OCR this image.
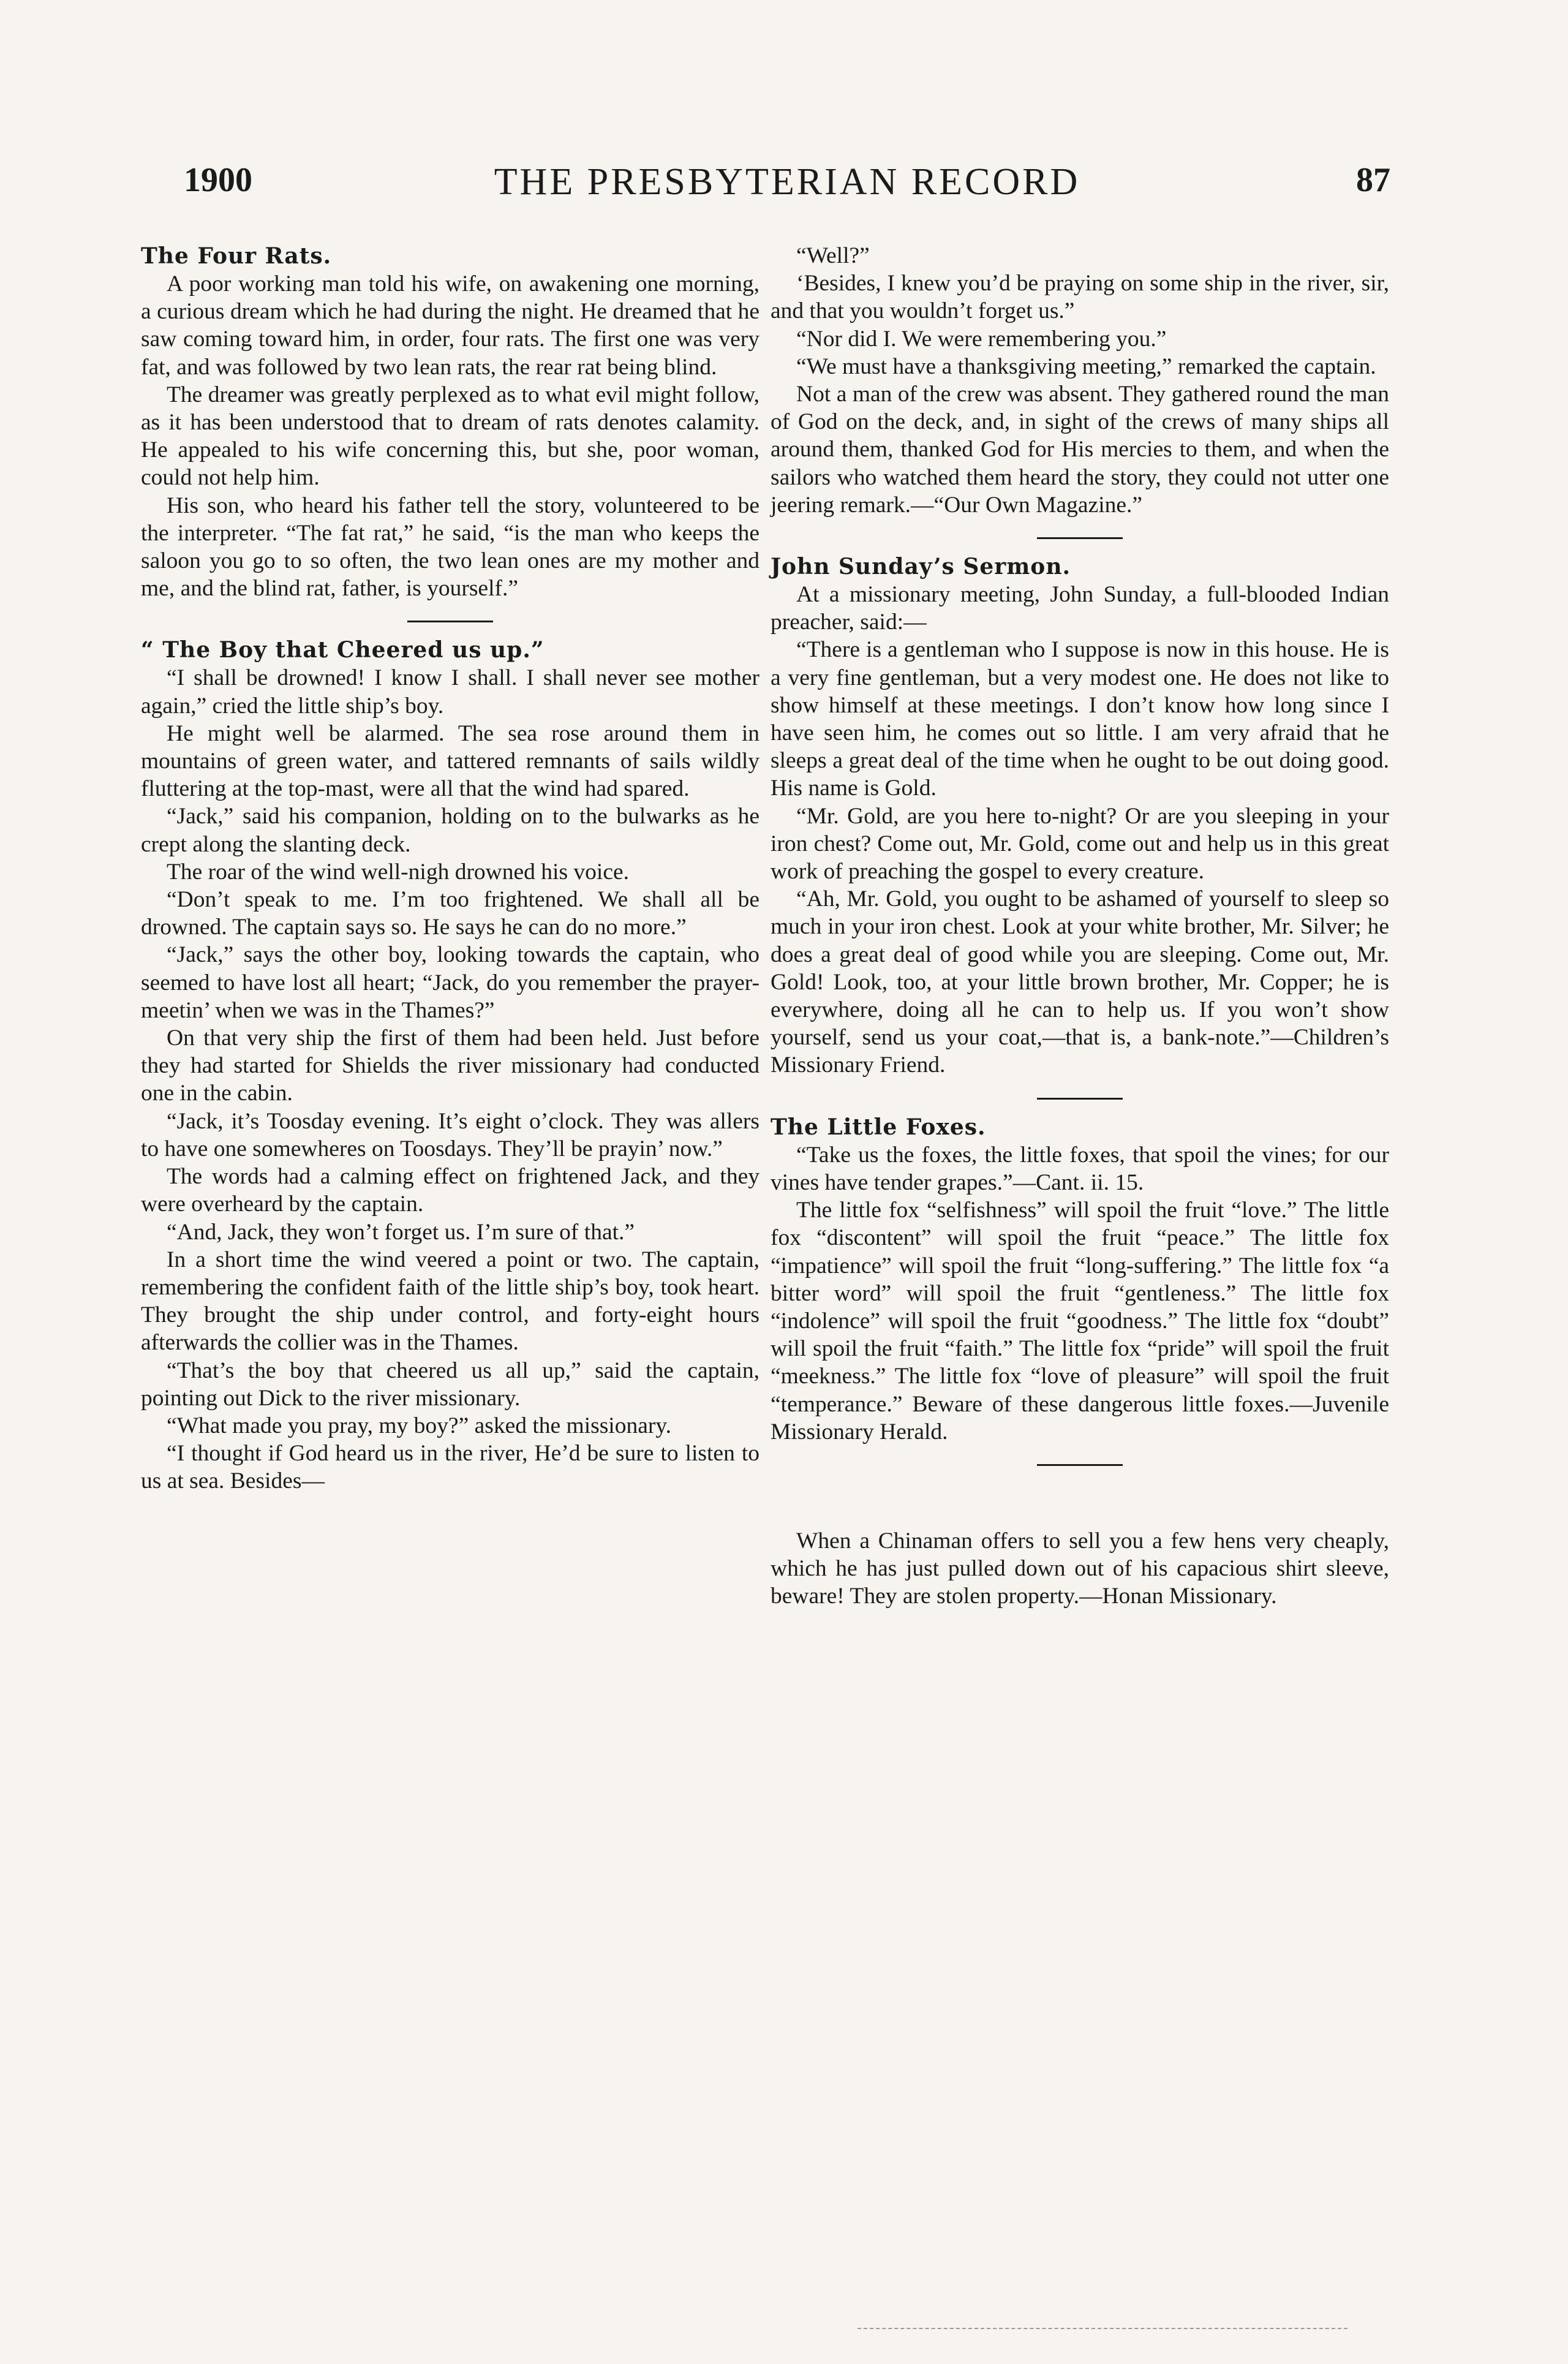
1900	THE PRESBYTERIAN RECORD	87
The Four Rats.

A poor working man told his wife, on awakening one morning, a curious dream which he had during the night. He dreamed that he saw coming toward him, in order, four rats. The first one was very fat, and was followed by two lean rats, the rear rat being blind.

The dreamer was greatly perplexed as to what evil might follow, as it has been understood that to dream of rats denotes calamity. He appealed to his wife concerning this, but she, poor woman, could not help him.

His son, who heard his father tell the story, volunteered to be the interpreter. “The fat rat,” he said, “is the man who keeps the saloon you go to so often, the two lean ones are my mother and me, and the blind rat, father, is yourself.”

“ The Boy that Cheered us up.”

“I shall be drowned! I know I shall. I shall never see mother again,” cried the little ship’s boy.

He might well be alarmed. The sea rose around them in mountains of green water, and tattered remnants of sails wildly fluttering at the top-mast, were all that the wind had spared.

“Jack,” said his companion, holding on to the bulwarks as he crept along the slanting deck.

The roar of the wind well-nigh drowned his voice.

“Don’t speak to me. I’m too frightened. We shall all be drowned. The captain says so. He says he can do no more.”

“Jack,” says the other boy, looking towards the captain, who seemed to have lost all heart; “Jack, do you remember the prayer-meetin’ when we was in the Thames?”

On that very ship the first of them had been held. Just before they had started for Shields the river missionary had conducted one in the cabin.

“Jack, it’s Toosday evening. It’s eight o’clock. They was allers to have one somewheres on Toosdays. They’ll be prayin’ now.”

The words had a calming effect on frightened Jack, and they were overheard by the captain.

“And, Jack, they won’t forget us. I’m sure of that.”

In a short time the wind veered a point or two. The captain, remembering the confident faith of the little ship’s boy, took heart. They brought the ship under control, and forty-eight hours afterwards the collier was in the Thames.

“That’s the boy that cheered us all up,” said the captain, pointing out Dick to the river missionary.

“What made you pray, my boy?” asked the missionary.

“I thought if God heard us in the river, He’d be sure to listen to us at sea. Besides—

“Well?”

‘Besides, I knew you’d be praying on some ship in the river, sir, and that you wouldn’t forget us.”

“Nor did I. We were remembering you.”

“We must have a thanksgiving meeting,” remarked the captain.

Not a man of the crew was absent. They gathered round the man of God on the deck, and, in sight of the crews of many ships all around them, thanked God for His mercies to them, and when the sailors who watched them heard the story, they could not utter one jeering remark.—“Our Own Magazine.”

John Sunday’s Sermon.

At a missionary meeting, John Sunday, a full-blooded Indian preacher, said:—

“There is a gentleman who I suppose is now in this house. He is a very fine gentleman, but a very modest one. He does not like to show himself at these meetings. I don’t know how long since I have seen him, he comes out so little. I am very afraid that he sleeps a great deal of the time when he ought to be out doing good. His name is Gold.

“Mr. Gold, are you here to-night? Or are you sleeping in your iron chest? Come out, Mr. Gold, come out and help us in this great work of preaching the gospel to every creature.

“Ah, Mr. Gold, you ought to be ashamed of yourself to sleep so much in your iron chest. Look at your white brother, Mr. Silver; he does a great deal of good while you are sleeping. Come out, Mr. Gold! Look, too, at your little brown brother, Mr. Copper; he is everywhere, doing all he can to help us. If you won’t show yourself, send us your coat,—that is, a bank-note.”—Children’s Missionary Friend.

The Little Foxes.

“Take us the foxes, the little foxes, that spoil the vines; for our vines have tender grapes.”—Cant. ii. 15.

The little fox “selfishness” will spoil the fruit “love.” The little fox “discontent” will spoil the fruit “peace.” The little fox “impatience” will spoil the fruit “long-suffering.” The little fox “a bitter word” will spoil the fruit “gentleness.” The little fox “indolence” will spoil the fruit “goodness.” The little fox “doubt” will spoil the fruit “faith.” The little fox “pride” will spoil the fruit “meekness.” The little fox “love of pleasure” will spoil the fruit “temperance.” Beware of these dangerous little foxes.—Juvenile Missionary Herald.

When a Chinaman offers to sell you a few hens very cheaply, which he has just pulled down out of his capacious shirt sleeve, beware! They are stolen property.—Honan Missionary.
